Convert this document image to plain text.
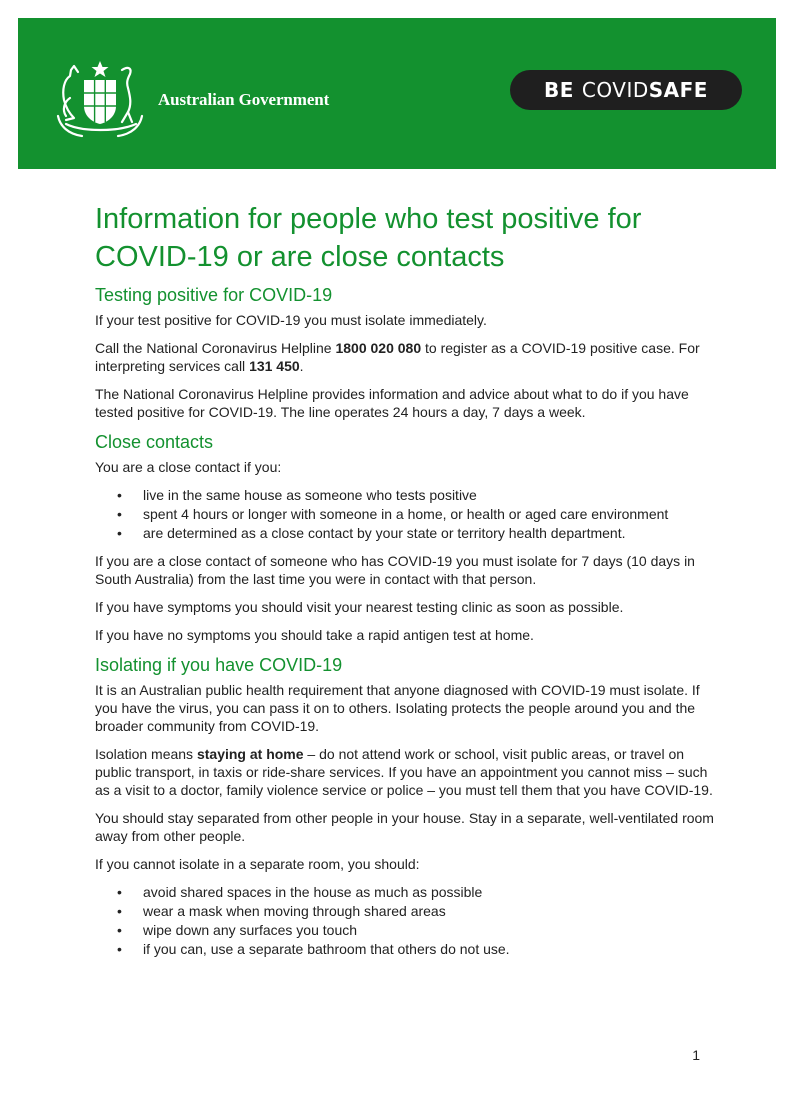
Australian Government	BE COVID SAFE
Information for people who test positive for COVID-19 or are close contacts
Testing positive for COVID-19

If your test positive for COVID-19 you must isolate immediately.

Call the National Coronavirus Helpline 1800 020 080 to register as a COVID-19 positive case. For interpreting services call 131 450.

The National Coronavirus Helpline provides information and advice about what to do if you have tested positive for COVID-19. The line operates 24 hours a day, 7 days a week.

Close contacts

You are a close contact if you:

• live in the same house as someone who tests positive
• spent 4 hours or longer with someone in a home, or health or aged care environment
• are determined as a close contact by your state or territory health department.

If you are a close contact of someone who has COVID-19 you must isolate for 7 days (10 days in South Australia) from the last time you were in contact with that person.

If you have symptoms you should visit your nearest testing clinic as soon as possible.

If you have no symptoms you should take a rapid antigen test at home.

Isolating if you have COVID-19

It is an Australian public health requirement that anyone diagnosed with COVID-19 must isolate. If you have the virus, you can pass it on to others. Isolating protects the people around you and the broader community from COVID-19.

Isolation means staying at home – do not attend work or school, visit public areas, or travel on public transport, in taxis or ride-share services. If you have an appointment you cannot miss – such as a visit to a doctor, family violence service or police – you must tell them that you have COVID-19.

You should stay separated from other people in your house. Stay in a separate, well-ventilated room away from other people.

If you cannot isolate in a separate room, you should:

• avoid shared spaces in the house as much as possible
• wear a mask when moving through shared areas
• wipe down any surfaces you touch
• if you can, use a separate bathroom that others do not use.
1
